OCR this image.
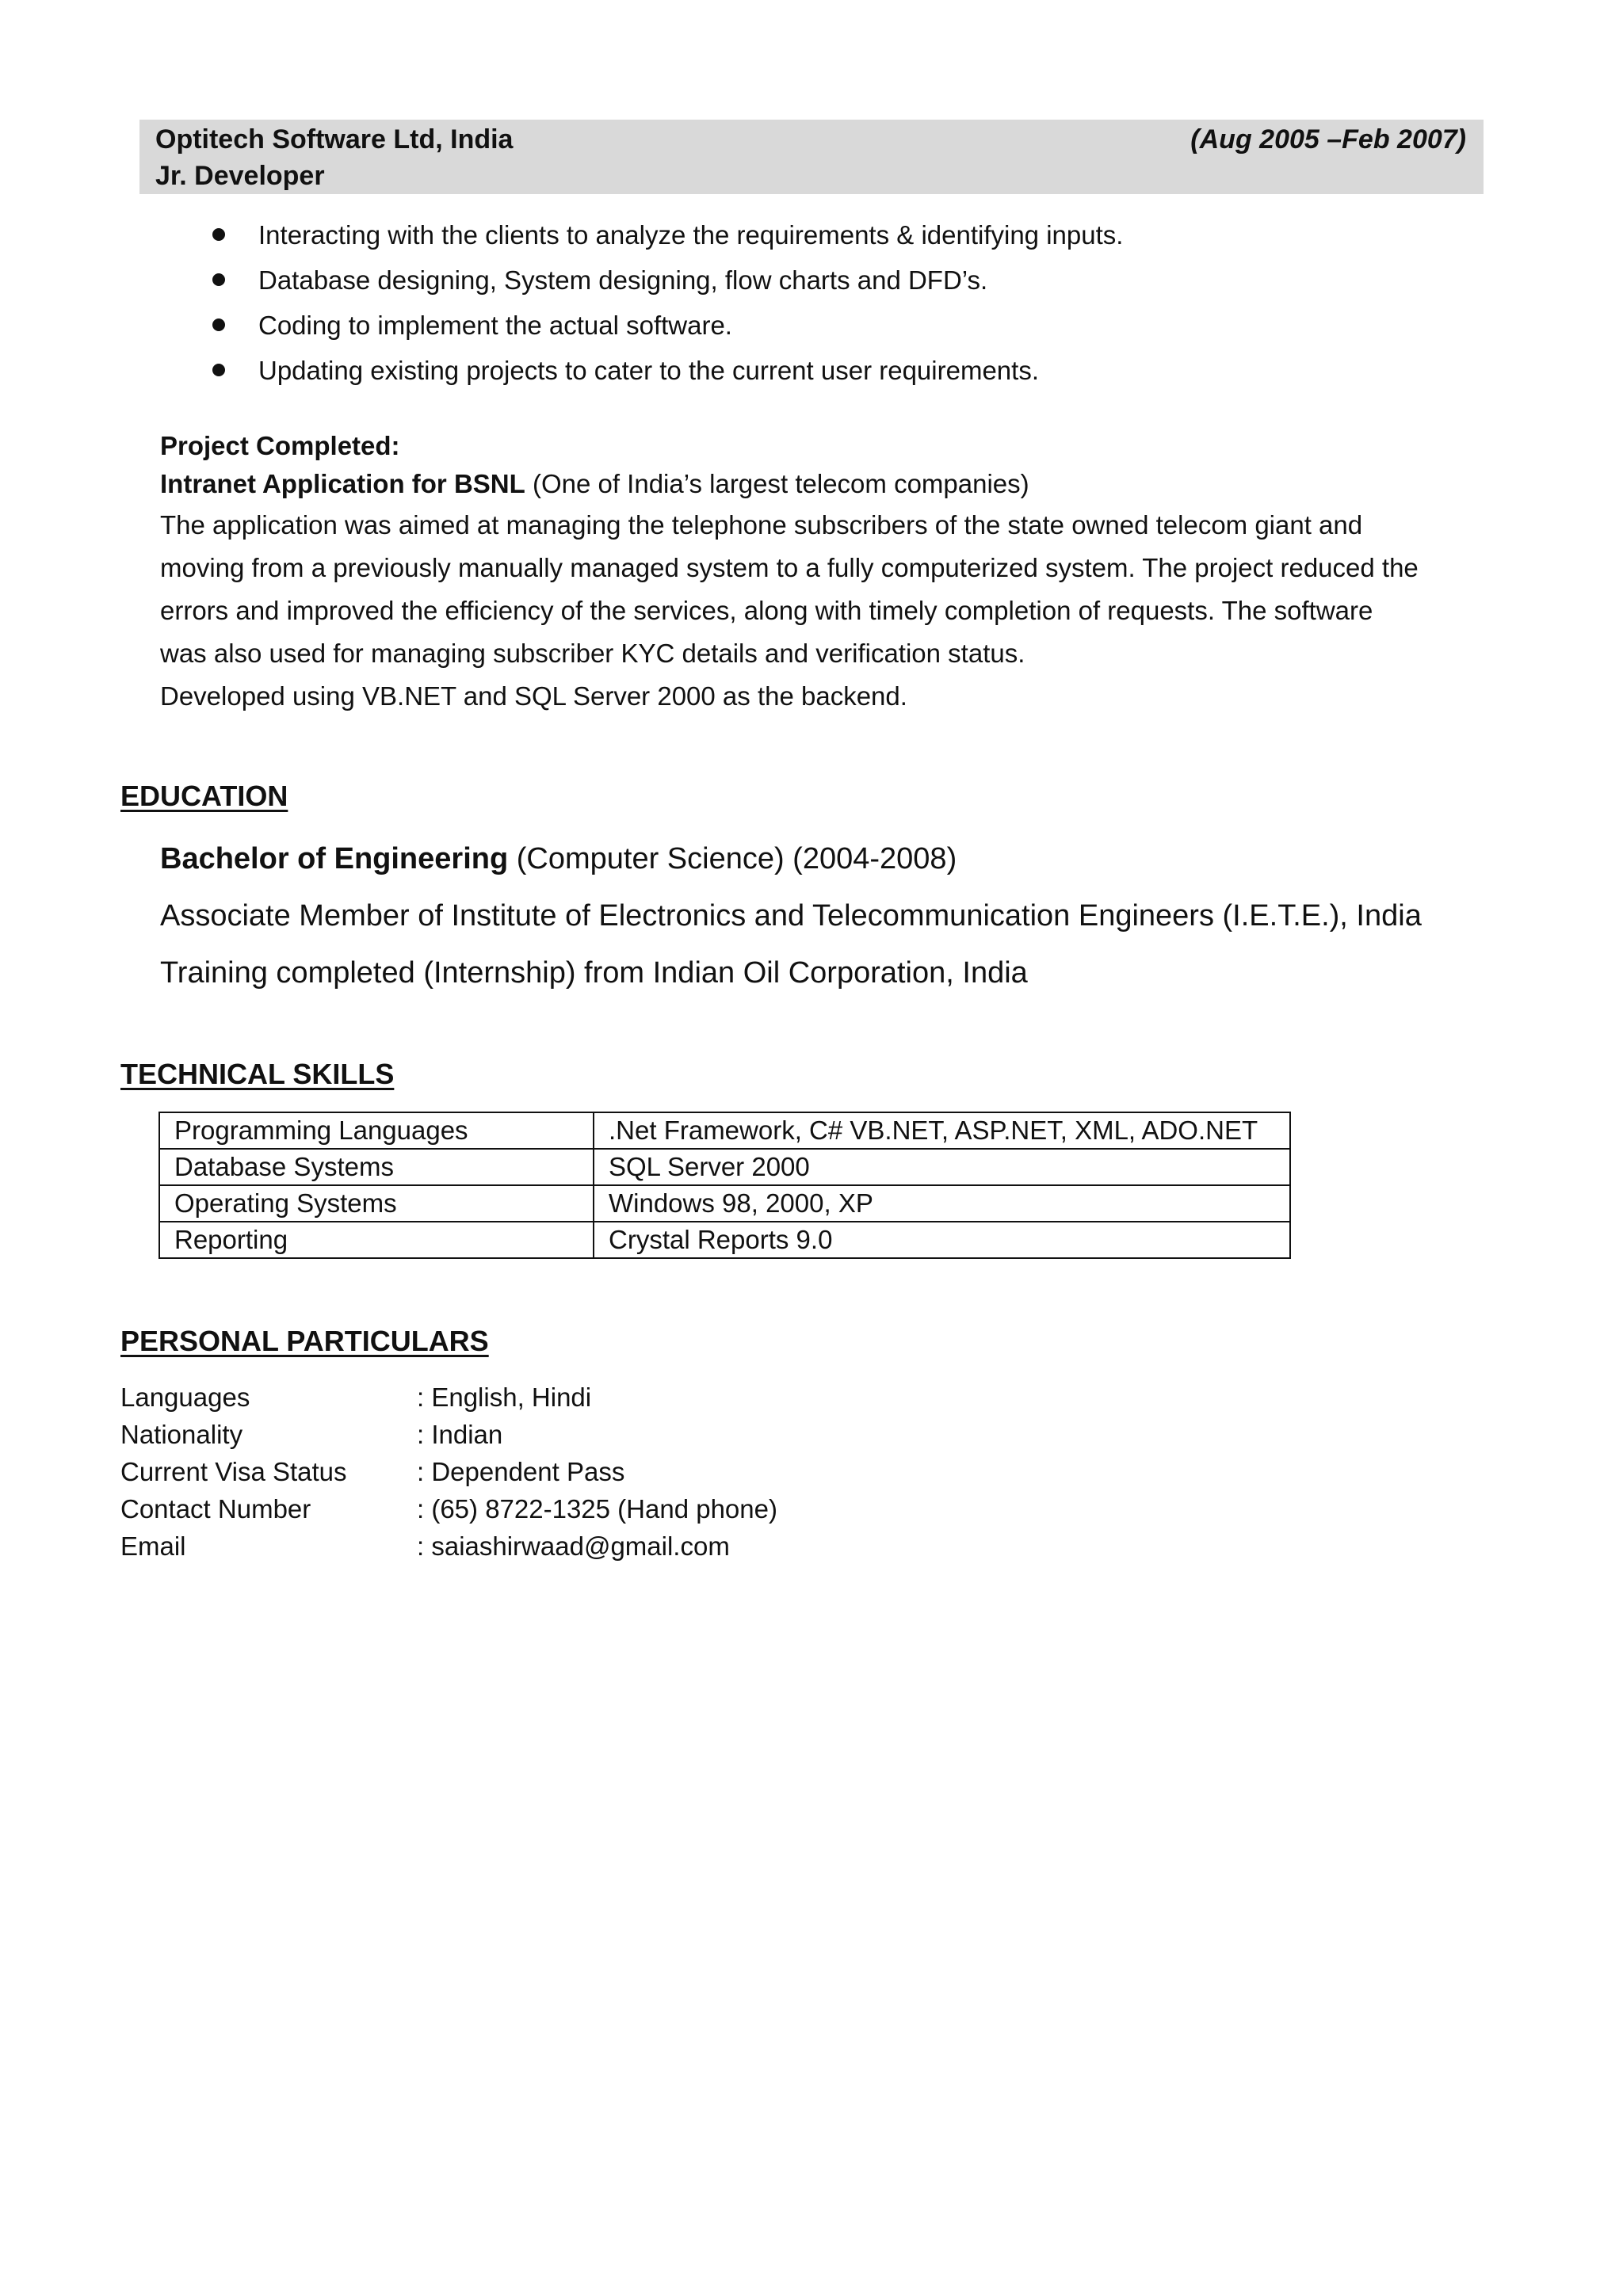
Optitech Software Ltd, India	(Aug 2005 –Feb 2007)
Jr. Developer
Interacting with the clients to analyze the requirements & identifying inputs.
Database designing, System designing, flow charts and DFD’s.
Coding to implement the actual software.
Updating existing projects to cater to the current user requirements.

Project Completed:

Intranet Application for BSNL (One of India’s largest telecom companies)

The application was aimed at managing the telephone subscribers of the state owned telecom giant and
moving from a previously manually managed system to a fully computerized system. The project reduced the
errors and improved the efficiency of the services, along with timely completion of requests. The software
was also used for managing subscriber KYC details and verification status.
Developed using VB.NET and SQL Server 2000 as the backend.

EDUCATION
Bachelor of Engineering (Computer Science) (2004-2008)
Associate Member of Institute of Electronics and Telecommunication Engineers (I.E.T.E.), India
Training completed (Internship) from Indian Oil Corporation, India
TECHNICAL SKILLS
Programming Languages	.Net Framework, C# VB.NET, ASP.NET, XML, ADO.NET
Database Systems	SQL Server 2000
Operating Systems	Windows 98, 2000, XP
Reporting	Crystal Reports 9.0
PERSONAL PARTICULARS
Languages	: English, Hindi
Nationality	: Indian
Current Visa Status	: Dependent Pass
Contact Number	: (65) 8722-1325 (Hand phone)
Email	: saiashirwaad@gmail.com
